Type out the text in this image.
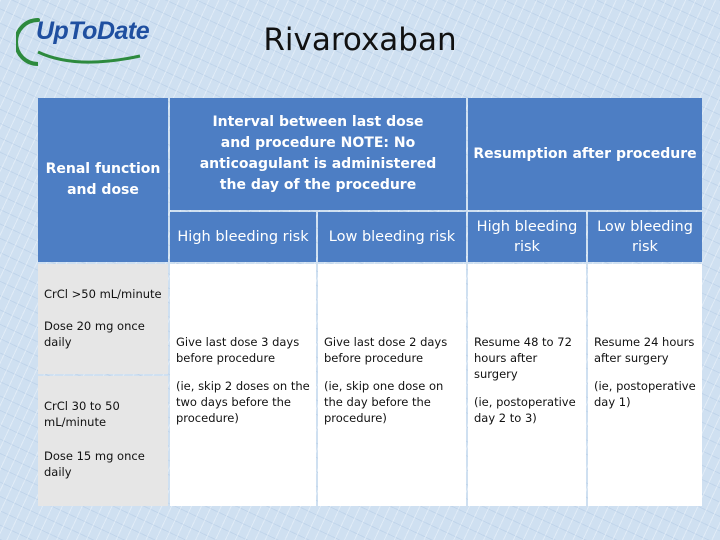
UpToDate	Rivaroxaban
Renal function and dose
Interval between last dose and procedure NOTE: No anticoagulant is administered the day of the procedure
Resumption after procedure
High bleeding risk Low bleeding risk
High bleeding risk
Low bleeding risk
CrCl >50 mL/minute
Dose 20 mg once daily
CrCl 30 to 50 mL/minute
Dose 15 mg once daily
Give last dose 3 days before procedure
(ie, skip 2 doses on the two days before the procedure)
Give last dose 2 days before procedure
(ie, skip one dose on the day before the procedure)
Resume 48 to 72 hours after surgery
(ie, postoperative day 2 to 3)
Resume 24 hours after surgery
(ie, postoperative day 1)
